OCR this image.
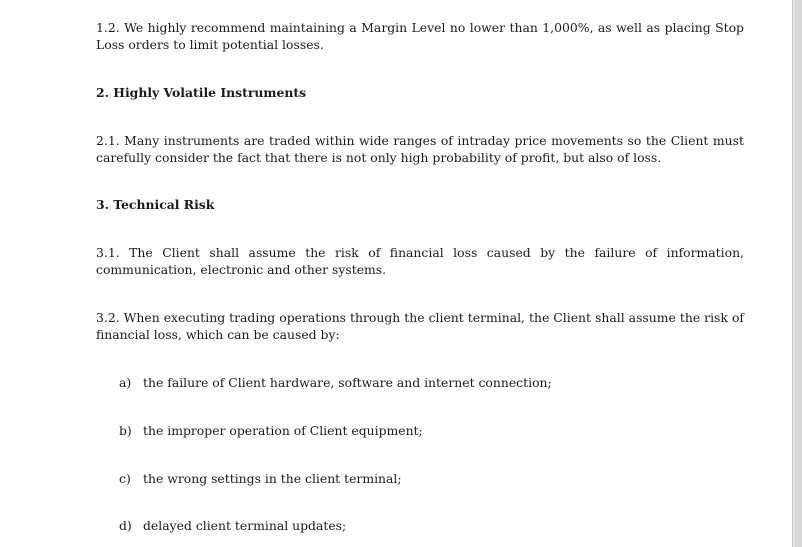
1.2. We highly recommend maintaining a Margin Level no lower than 1,000%, as well as placing Stop Loss orders to limit potential losses.

2. Highly Volatile Instruments

2.1. Many instruments are traded within wide ranges of intraday price movements so the Client must carefully consider the fact that there is not only high probability of profit, but also of loss.

3. Technical Risk

3.1. The Client shall assume the risk of financial loss caused by the failure of information, communication, electronic and other systems.

3.2. When executing trading operations through the client terminal, the Client shall assume the risk of financial loss, which can be caused by:

a) the failure of Client hardware, software and internet connection;

b) the improper operation of Client equipment;

c) the wrong settings in the client terminal;

d) delayed client terminal updates;
